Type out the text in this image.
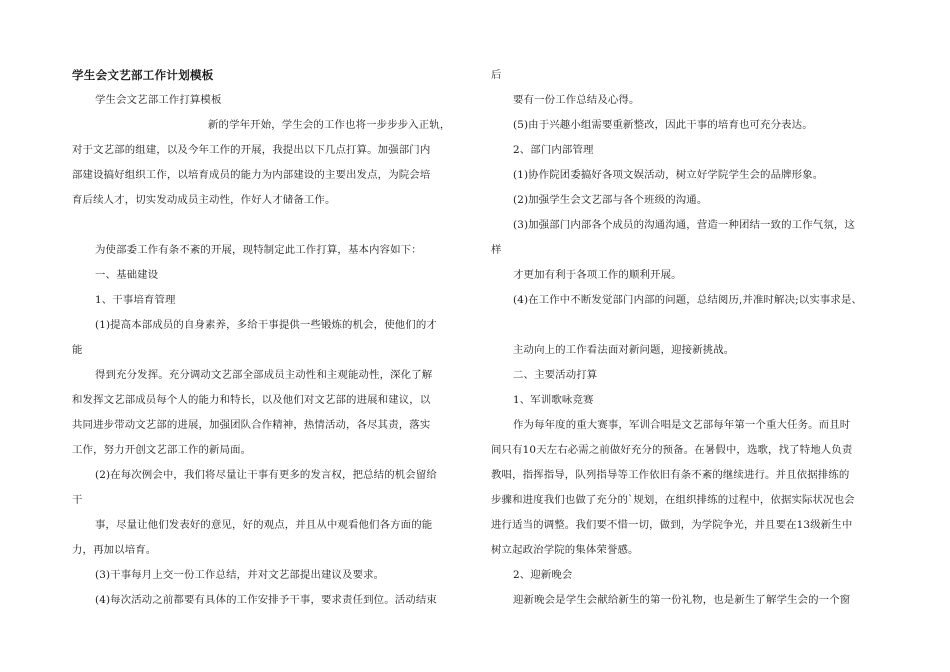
学生会文艺部工作计划模板
学生会文艺部工作打算模板
新的学年开始，学生会的工作也将一步步步入正轨，
对于文艺部的组建，以及今年工作的开展，我提出以下几点打算。加强部门内
部建设搞好组织工作，以培育成员的能力为内部建设的主要出发点，为院会培
育后续人才，切实发动成员主动性，作好人才储备工作。
为使部委工作有条不紊的开展，现特制定此工作打算，基本内容如下：
一、基础建设
1、干事培育管理
(1)提高本部成员的自身素养，多给干事提供一些锻炼的机会，使他们的才
能
得到充分发挥。充分调动文艺部全部成员主动性和主观能动性，深化了解
和发挥文艺部成员每个人的能力和特长，以及他们对文艺部的进展和建议，以
共同进步带动文艺部的进展，加强团队合作精神，热情活动，各尽其责，落实
工作，努力开创文艺部工作的新局面。
(2)在每次例会中，我们将尽量让干事有更多的发言权，把总结的机会留给
干
事，尽量让他们发表好的意见，好的观点，并且从中观看他们各方面的能
力，再加以培育。
(3)干事每月上交一份工作总结，并对文艺部提出建议及要求。
(4)每次活动之前都要有具体的工作安排予干事，要求责任到位。活动结束
后
要有一份工作总结及心得。
(5)由于兴趣小组需要重新整改，因此干事的培育也可充分表达。
2、部门内部管理
(1)协作院团委搞好各项文娱活动，树立好学院学生会的品牌形象。
(2)加强学生会文艺部与各个班级的沟通。
(3)加强部门内部各个成员的沟通沟通，营造一种团结一致的工作气氛，这
样
才更加有利于各项工作的顺利开展。
(4)在工作中不断发觉部门内部的问题，总结阅历,并准时解决;以实事求是、
主动向上的工作看法面对新问题，迎接新挑战。
二、主要活动打算
1、军训歌咏竞赛
作为每年度的重大赛事，军训合唱是文艺部每年第一个重大任务。而且时
间只有10天左右必需之前做好充分的预备。在暑假中，选歌，找了特地人负责
教唱，指挥指导，队列指导等工作依旧有条不紊的继续进行。并且依据排练的
步骤和进度我们也做了充分的`规划，在组织排练的过程中，依据实际状况也会
进行适当的调整。我们要不惜一切，做到，为学院争光，并且要在13级新生中
树立起政治学院的集体荣誉感。
2、迎新晚会
迎新晚会是学生会献给新生的第一份礼物，也是新生了解学生会的一个窗
